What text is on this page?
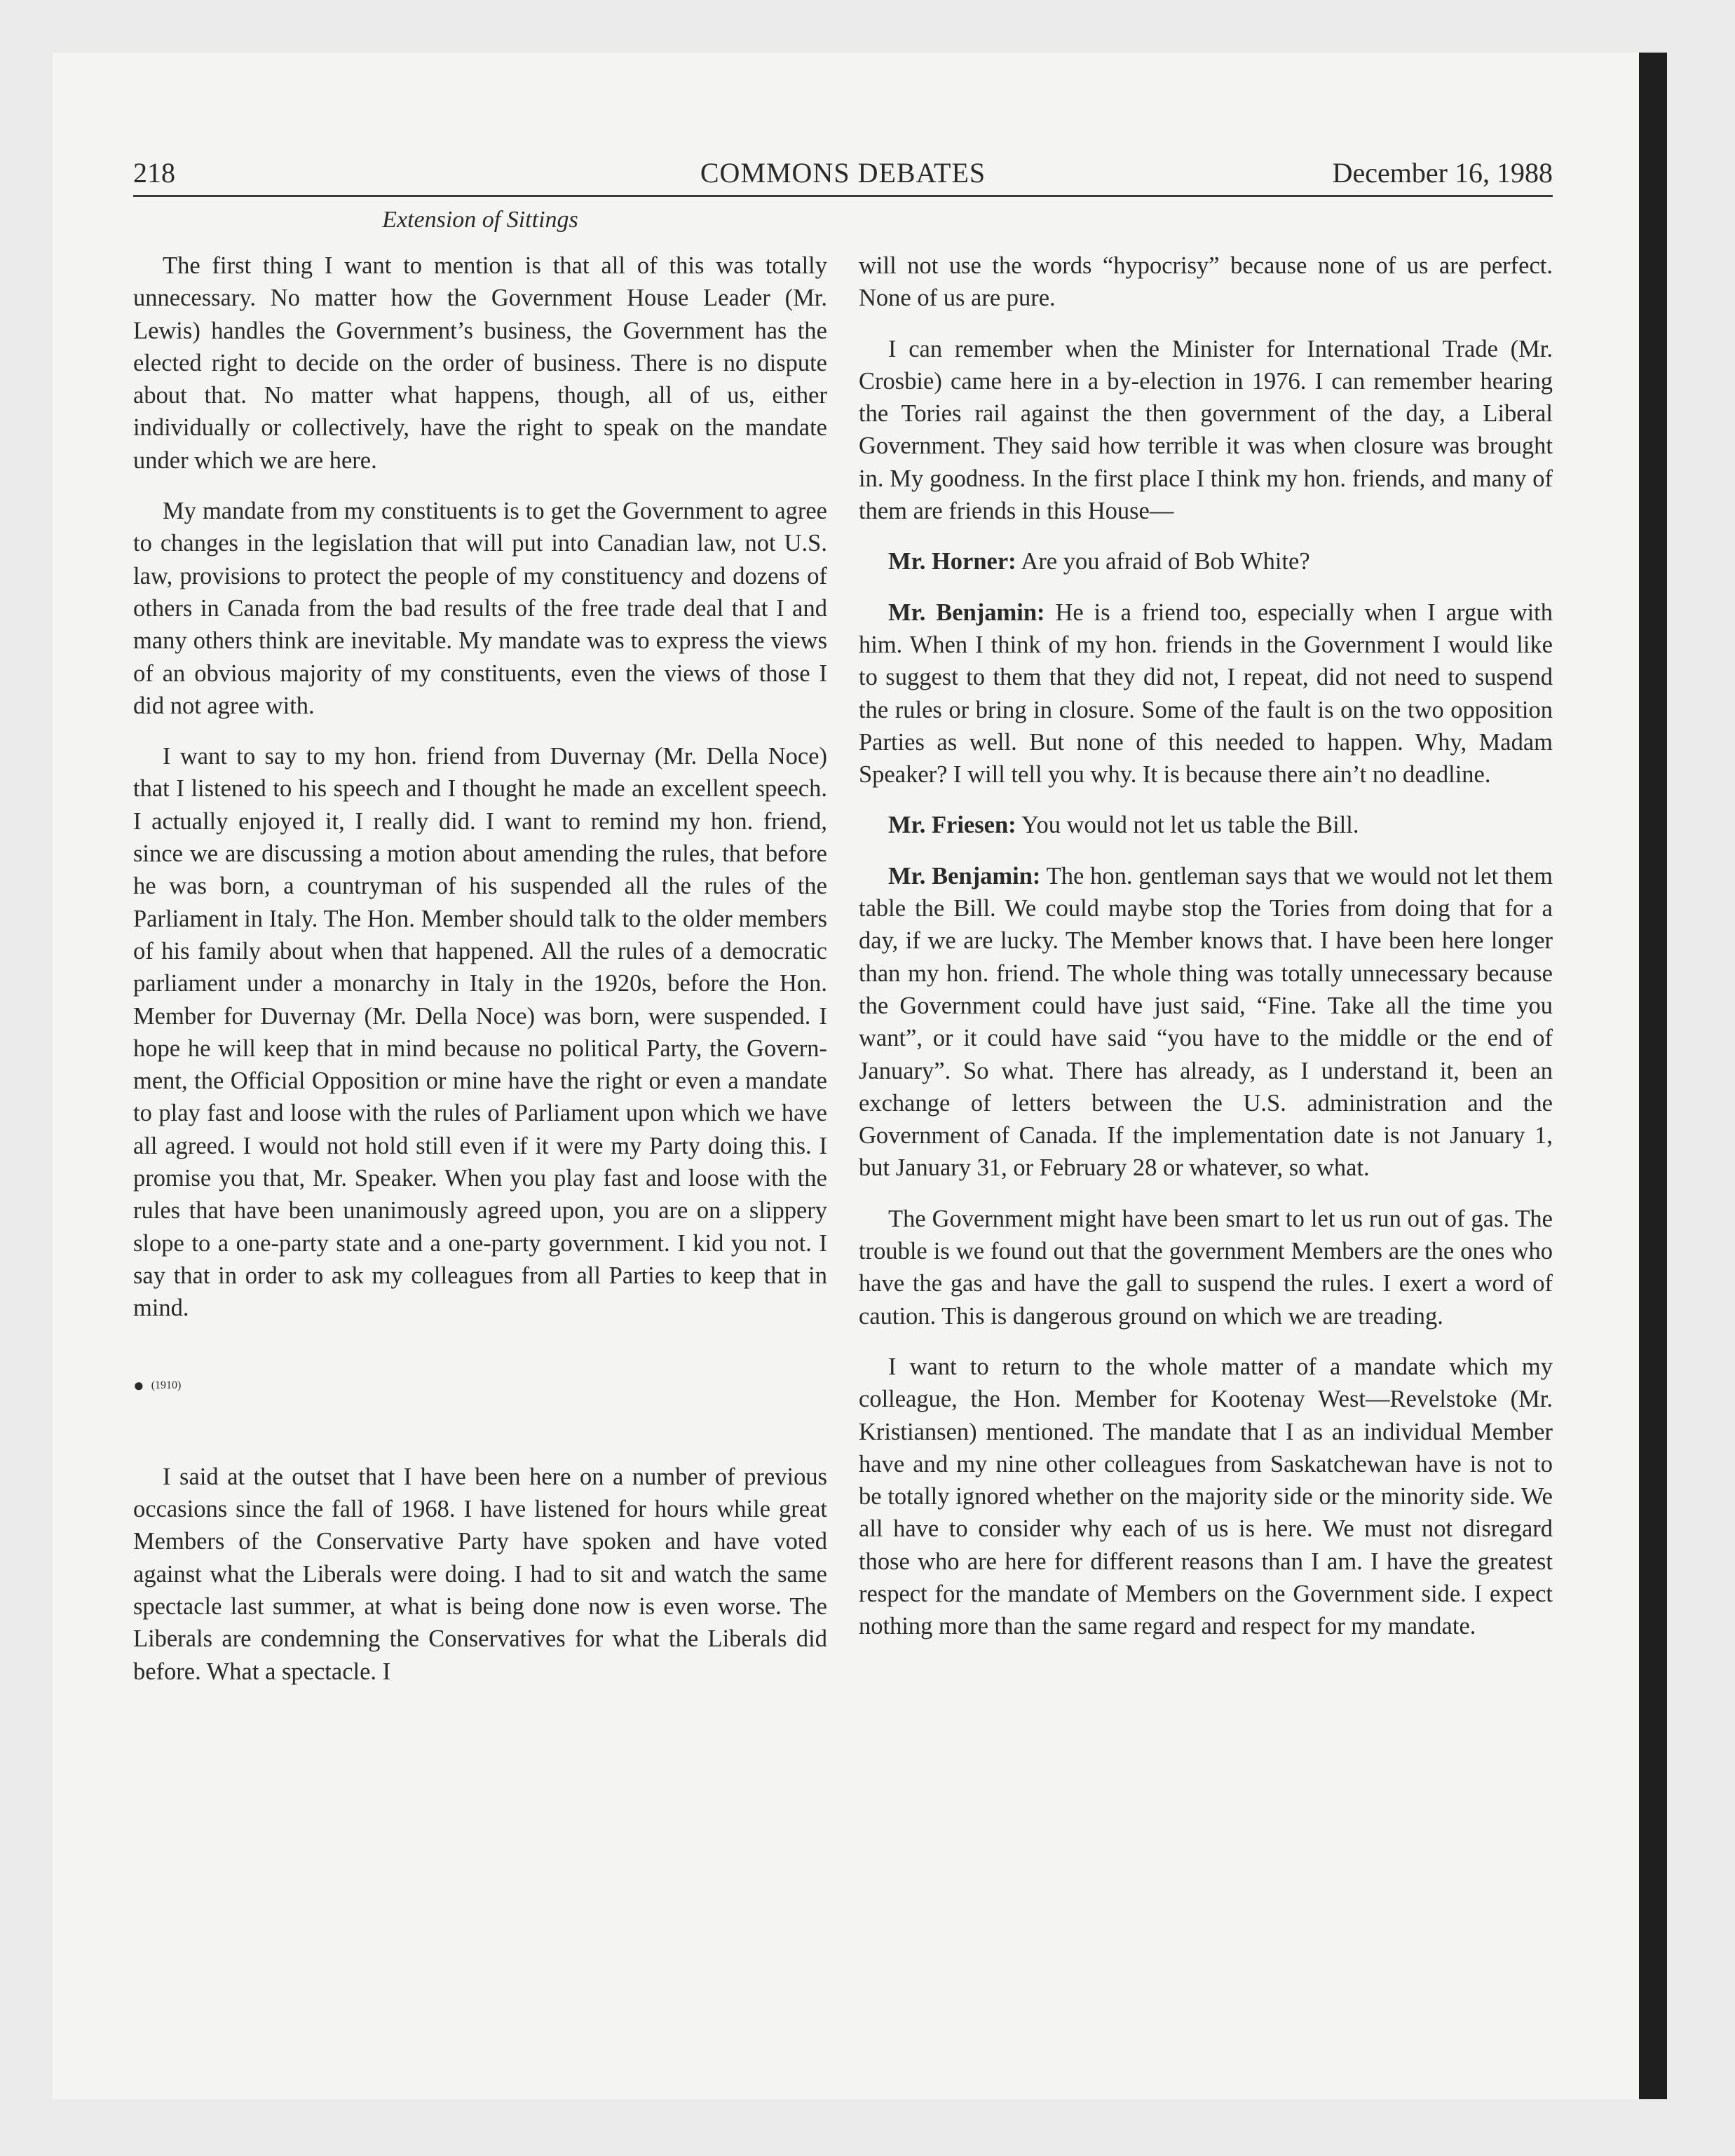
218	COMMONS DEBATES	December 16, 1988
Extension of Sittings

The first thing I want to mention is that all of this was totally unnecessary. No matter how the Government House Leader (Mr. Lewis) handles the Government’s business, the Government has the elected right to decide on the order of business. There is no dispute about that. No matter what happens, though, all of us, either individually or collectively, have the right to speak on the mandate under which we are here.

My mandate from my constituents is to get the Government to agree to changes in the legislation that will put into Canadian law, not U.S. law, provisions to protect the people of my constituency and dozens of others in Canada from the bad results of the free trade deal that I and many others think are inevitable. My mandate was to express the views of an obvious majority of my constituents, even the views of those I did not agree with.

I want to say to my hon. friend from Duvernay (Mr. Della Noce) that I listened to his speech and I thought he made an excellent speech. I actually enjoyed it, I really did. I want to remind my hon. friend, since we are discussing a motion about amending the rules, that before he was born, a countryman of his suspended all the rules of the Parliament in Italy. The Hon. Member should talk to the older members of his family about when that happened. All the rules of a democratic parliament under a monarchy in Italy in the 1920s, before the Hon. Member for Duvernay (Mr. Della Noce) was born, were suspended. I hope he will keep that in mind because no political Party, the Government, the Official Opposition or mine have the right or even a mandate to play fast and loose with the rules of Parliament upon which we have all agreed. I would not hold still even if it were my Party doing this. I promise you that, Mr. Speaker. When you play fast and loose with the rules that have been unanimously agreed upon, you are on a slippery slope to a one-party state and a one-party government. I kid you not. I say that in order to ask my colleagues from all Parties to keep that in mind.

● (1910)

I said at the outset that I have been here on a number of previous occasions since the fall of 1968. I have listened for hours while great Members of the Conservative Party have spoken and have voted against what the Liberals were doing. I had to sit and watch the same spectacle last summer, at what is being done now is even worse. The Liberals are condemning the Conservatives for what the Liberals did before. What a spectacle. I

will not use the words “hypocrisy” because none of us are perfect. None of us are pure.

I can remember when the Minister for International Trade (Mr. Crosbie) came here in a by-election in 1976. I can remember hearing the Tories rail against the then government of the day, a Liberal Government. They said how terrible it was when closure was brought in. My goodness. In the first place I think my hon. friends, and many of them are friends in this House—

Mr. Horner: Are you afraid of Bob White?

Mr. Benjamin: He is a friend too, especially when I argue with him. When I think of my hon. friends in the Government I would like to suggest to them that they did not, I repeat, did not need to suspend the rules or bring in closure. Some of the fault is on the two opposition Parties as well. But none of this needed to happen. Why, Madam Speaker? I will tell you why. It is because there ain’t no deadline.

Mr. Friesen: You would not let us table the Bill.

Mr. Benjamin: The hon. gentleman says that we would not let them table the Bill. We could maybe stop the Tories from doing that for a day, if we are lucky. The Member knows that. I have been here longer than my hon. friend. The whole thing was totally unnecessary because the Government could have just said, “Fine. Take all the time you want”, or it could have said “you have to the middle or the end of January”. So what. There has already, as I understand it, been an exchange of letters between the U.S. administration and the Government of Canada. If the implementation date is not January 1, but January 31, or February 28 or whatever, so what.

The Government might have been smart to let us run out of gas. The trouble is we found out that the government Members are the ones who have the gas and have the gall to suspend the rules. I exert a word of caution. This is dangerous ground on which we are treading.

I want to return to the whole matter of a mandate which my colleague, the Hon. Member for Kootenay West—Revelstoke (Mr. Kristiansen) mentioned. The mandate that I as an individual Member have and my nine other colleagues from Saskatchewan have is not to be totally ignored whether on the majority side or the minority side. We all have to consider why each of us is here. We must not disregard those who are here for different reasons than I am. I have the greatest respect for the mandate of Members on the Government side. I expect nothing more than the same regard and respect for my mandate.
